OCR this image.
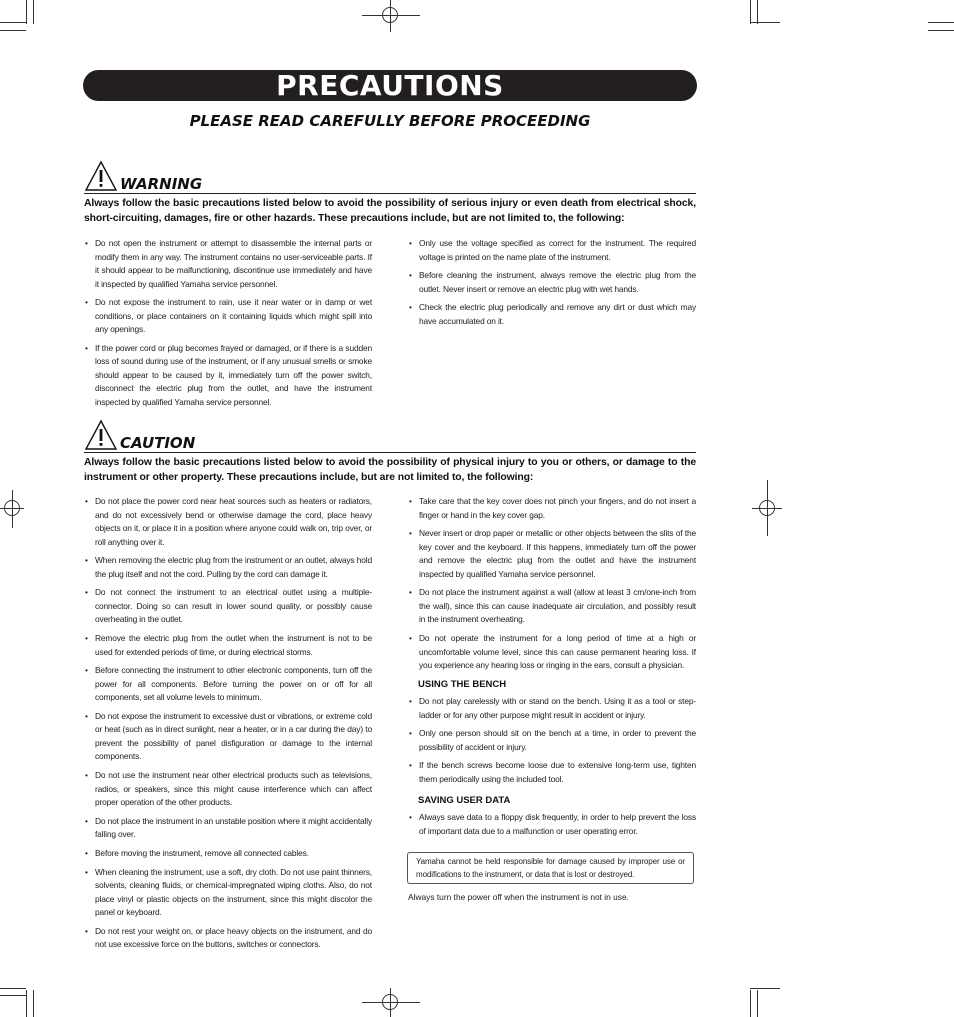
PRECAUTIONS
PLEASE READ CAREFULLY BEFORE PROCEEDING
WARNING
Always follow the basic precautions listed below to avoid the possibility of serious injury or even death from electrical shock, short-circuiting, damages, fire or other hazards. These precautions include, but are not limited to, the following:
• Do not open the instrument or attempt to disassemble the internal parts or modify them in any way. The instrument contains no user-serviceable parts. If it should appear to be malfunctioning, discontinue use immediately and have it inspected by qualified Yamaha service personnel.
• Do not expose the instrument to rain, use it near water or in damp or wet conditions, or place containers on it containing liquids which might spill into any openings.
• If the power cord or plug becomes frayed or damaged, or if there is a sudden loss of sound during use of the instrument, or if any unusual smells or smoke should appear to be caused by it, immediately turn off the power switch, disconnect the electric plug from the outlet, and have the instrument inspected by qualified Yamaha service personnel.
• Only use the voltage specified as correct for the instrument. The required voltage is printed on the name plate of the instrument.
• Before cleaning the instrument, always remove the electric plug from the outlet. Never insert or remove an electric plug with wet hands.
• Check the electric plug periodically and remove any dirt or dust which may have accumulated on it.
CAUTION
Always follow the basic precautions listed below to avoid the possibility of physical injury to you or others, or damage to the instrument or other property. These precautions include, but are not limited to, the following:
• Do not place the power cord near heat sources such as heaters or radiators, and do not excessively bend or otherwise damage the cord, place heavy objects on it, or place it in a position where anyone could walk on, trip over, or roll anything over it.
• When removing the electric plug from the instrument or an outlet, always hold the plug itself and not the cord. Pulling by the cord can damage it.
• Do not connect the instrument to an electrical outlet using a multiple-connector. Doing so can result in lower sound quality, or possibly cause overheating in the outlet.
• Remove the electric plug from the outlet when the instrument is not to be used for extended periods of time, or during electrical storms.
• Before connecting the instrument to other electronic components, turn off the power for all components. Before turning the power on or off for all components, set all volume levels to minimum.
• Do not expose the instrument to excessive dust or vibrations, or extreme cold or heat (such as in direct sunlight, near a heater, or in a car during the day) to prevent the possibility of panel disfiguration or damage to the internal components.
• Do not use the instrument near other electrical products such as televisions, radios, or speakers, since this might cause interference which can affect proper operation of the other products.
• Do not place the instrument in an unstable position where it might accidentally falling over.
• Before moving the instrument, remove all connected cables.
• When cleaning the instrument, use a soft, dry cloth. Do not use paint thinners, solvents, cleaning fluids, or chemical-impregnated wiping cloths. Also, do not place vinyl or plastic objects on the instrument, since this might discolor the panel or keyboard.
• Do not rest your weight on, or place heavy objects on the instrument, and do not use excessive force on the buttons, switches or connectors.
• Take care that the key cover does not pinch your fingers, and do not insert a finger or hand in the key cover gap.
• Never insert or drop paper or metallic or other objects between the slits of the key cover and the keyboard. If this happens, immediately turn off the power and remove the electric plug from the outlet and have the instrument inspected by qualified Yamaha service personnel.
• Do not place the instrument against a wall (allow at least 3 cm/one-inch from the wall), since this can cause inadequate air circulation, and possibly result in the instrument overheating.
• Do not operate the instrument for a long period of time at a high or uncomfortable volume level, since this can cause permanent hearing loss. If you experience any hearing loss or ringing in the ears, consult a physician.
USING THE BENCH
• Do not play carelessly with or stand on the bench. Using it as a tool or step-ladder or for any other purpose might result in accident or injury.
• Only one person should sit on the bench at a time, in order to prevent the possibility of accident or injury.
• If the bench screws become loose due to extensive long-term use, tighten them periodically using the included tool.
SAVING USER DATA
• Always save data to a floppy disk frequently, in order to help prevent the loss of important data due to a malfunction or user operating error.
Yamaha cannot be held responsible for damage caused by improper use or modifications to the instrument, or data that is lost or destroyed.
Always turn the power off when the instrument is not in use.
